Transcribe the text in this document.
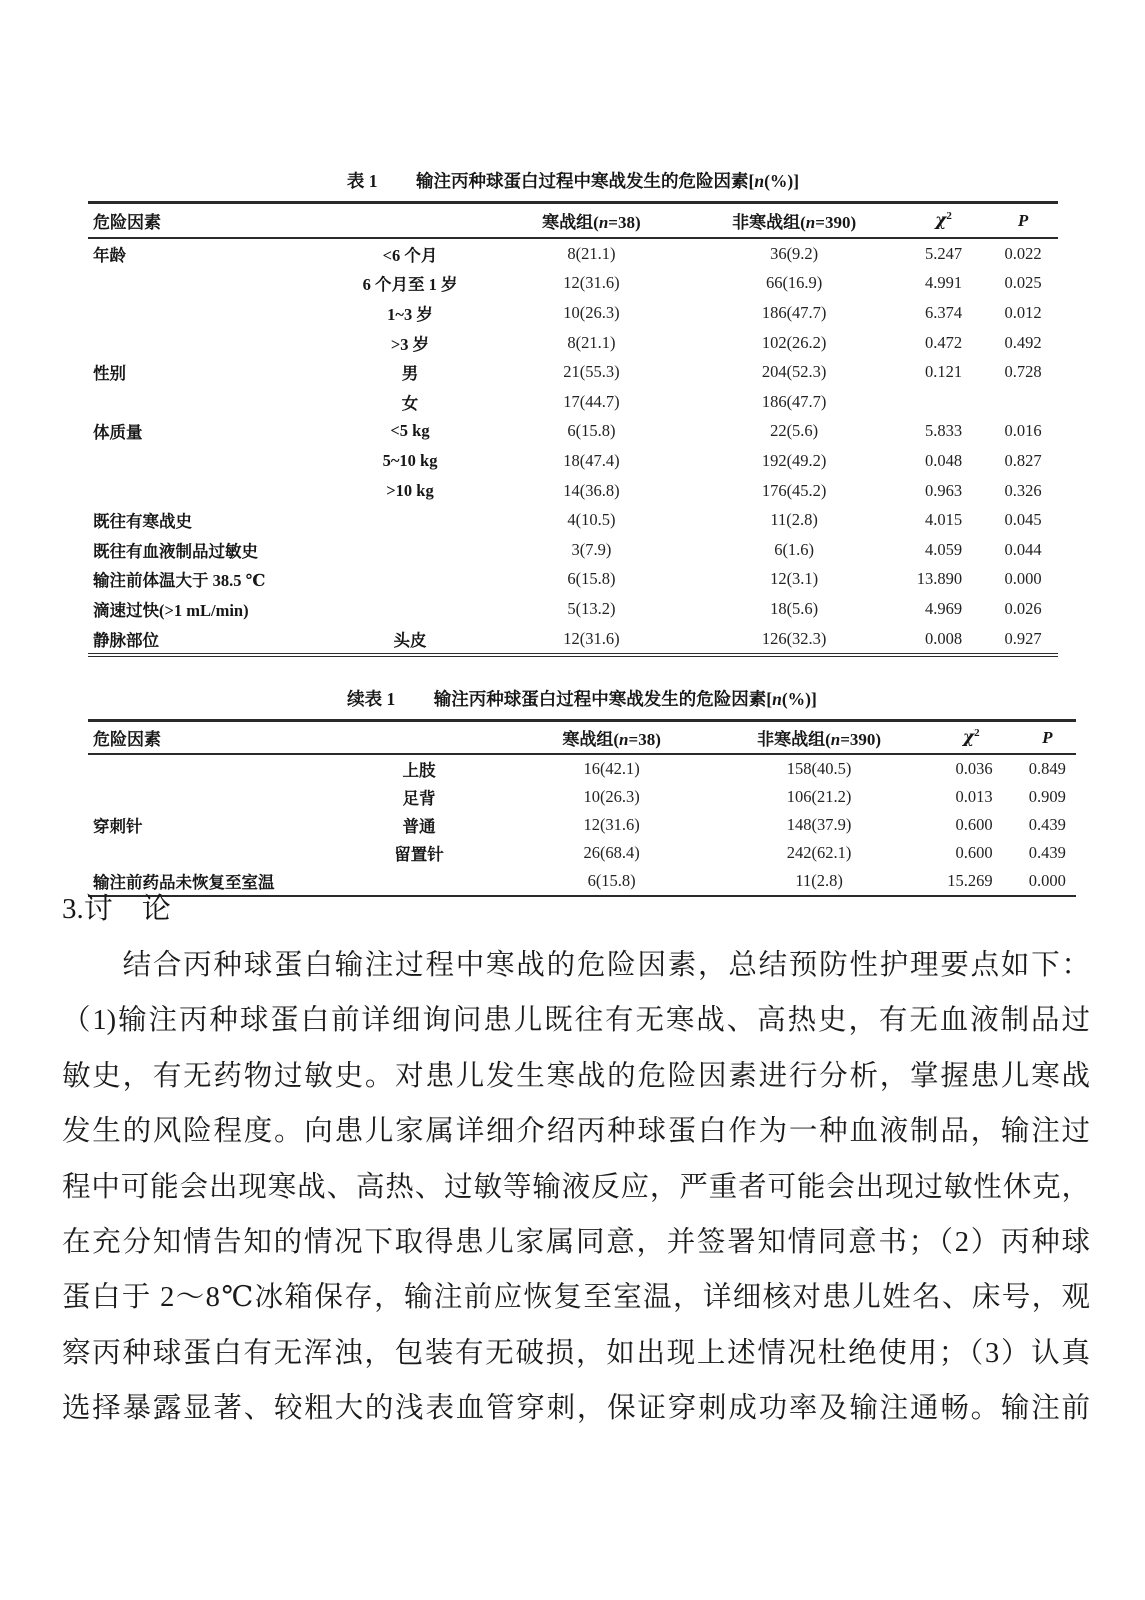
表 1 输注丙种球蛋白过程中寒战发生的危险因素[n(%)]
危险因素		寒战组(n=38)	非寒战组(n=390)	$\chi^2$	P
年龄	<6 个月	8(21.1)	36(9.2)	5.247	0.022
	6 个月至 1 岁	12(31.6)	66(16.9)	4.991	0.025
	1~3 岁	10(26.3)	186(47.7)	6.374	0.012
	>3 岁	8(21.1)	102(26.2)	0.472	0.492
性别	男	21(55.3)	204(52.3)	0.121	0.728
	女	17(44.7)	186(47.7)		
体质量	<5 kg	6(15.8)	22(5.6)	5.833	0.016
	5~10 kg	18(47.4)	192(49.2)	0.048	0.827
	>10 kg	14(36.8)	176(45.2)	0.963	0.326
既往有寒战史		4(10.5)	11(2.8)	4.015	0.045
既往有血液制品过敏史		3(7.9)	6(1.6)	4.059	0.044
输注前体温大于 38.5 ℃		6(15.8)	12(3.1)	13.890	0.000
滴速过快(>1 mL/min)		5(13.2)	18(5.6)	4.969	0.026
静脉部位	头皮	12(31.6)	126(32.3)	0.008	0.927
续表 1 输注丙种球蛋白过程中寒战发生的危险因素[n(%)]
危险因素		寒战组(n=38)	非寒战组(n=390)	$\chi^2$	P
	上肢	16(42.1)	158(40.5)	0.036	0.849
	足背	10(26.3)	106(21.2)	0.013	0.909
穿刺针	普通	12(31.6)	148(37.9)	0.600	0.439
	留置针	26(68.4)	242(62.1)	0.600	0.439
输注前药品未恢复至室温		6(15.8)	11(2.8)	15.269	0.000
3.讨　论
　　结合丙种球蛋白输注过程中寒战的危险因素，总结预防性护理要点如下：
（1)输注丙种球蛋白前详细询问患儿既往有无寒战、高热史，有无血液制品过
敏史，有无药物过敏史。对患儿发生寒战的危险因素进行分析，掌握患儿寒战
发生的风险程度。向患儿家属详细介绍丙种球蛋白作为一种血液制品，输注过
程中可能会出现寒战、高热、过敏等输液反应，严重者可能会出现过敏性休克，
在充分知情告知的情况下取得患儿家属同意，并签署知情同意书；（2）丙种球
蛋白于 2～8℃冰箱保存，输注前应恢复至室温，详细核对患儿姓名、床号，观
察丙种球蛋白有无浑浊，包装有无破损，如出现上述情况杜绝使用；（3）认真
选择暴露显著、较粗大的浅表血管穿刺，保证穿刺成功率及输注通畅。输注前
